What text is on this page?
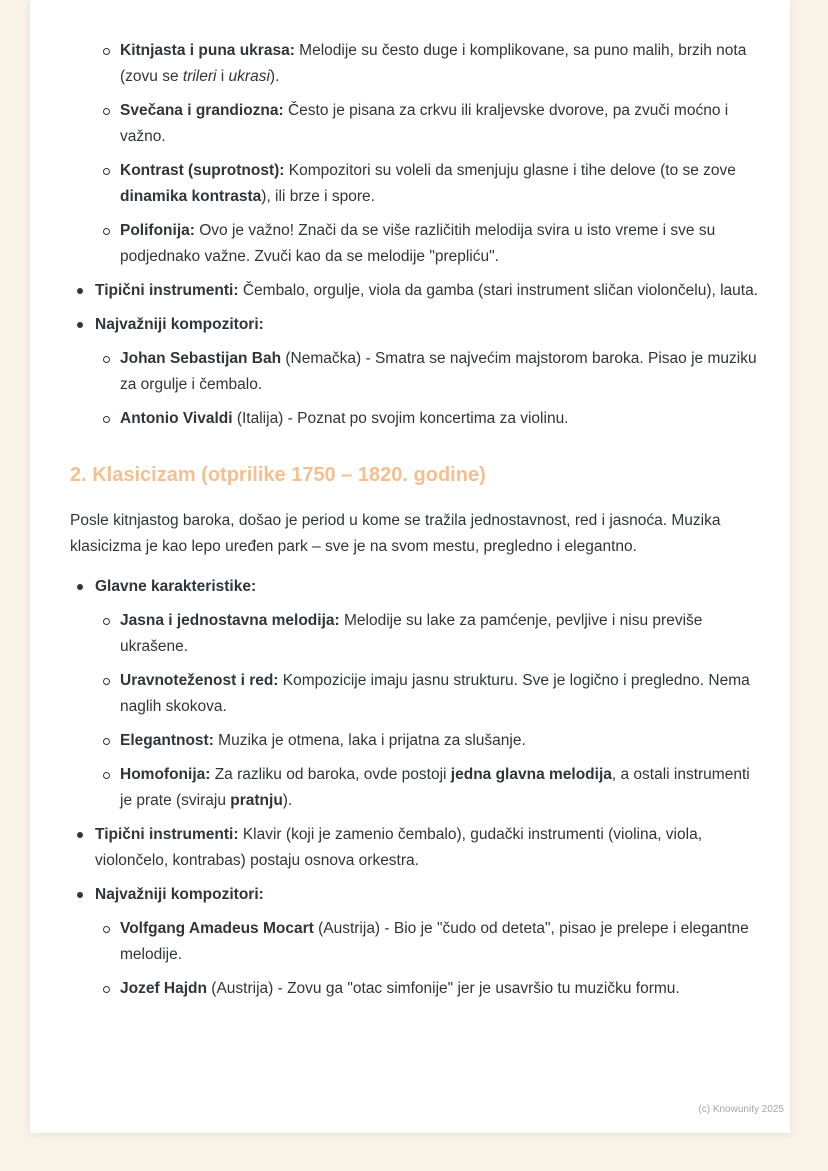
Kitnjasta i puna ukrasa: Melodije su često duge i komplikovane, sa puno malih, brzih nota (zovu se trileri i ukrasi).
Svečana i grandiozna: Često je pisana za crkvu ili kraljevske dvorove, pa zvuči moćno i važno.
Kontrast (suprotnost): Kompozitori su voleli da smenjuju glasne i tihe delove (to se zove dinamika kontrasta), ili brze i spore.
Polifonija: Ovo je važno! Znači da se više različitih melodija svira u isto vreme i sve su podjednako važne. Zvuči kao da se melodije "prepliću".
Tipični instrumenti: Čembalo, orgulje, viola da gamba (stari instrument sličan violončelu), lauta.
Najvažniji kompozitori:
Johan Sebastijan Bah (Nemačka) - Smatra se najvećim majstorom baroka. Pisao je muziku za orgulje i čembalo.
Antonio Vivaldi (Italija) - Poznat po svojim koncertima za violinu.
2. Klasicizam (otprilike 1750 – 1820. godine)

Posle kitnjastog baroka, došao je period u kome se tražila jednostavnost, red i jasnoća. Muzika klasicizma je kao lepo uređen park – sve je na svom mestu, pregledno i elegantno.

Glavne karakteristike:
Jasna i jednostavna melodija: Melodije su lake za pamćenje, pevljive i nisu previše ukrašene.
Uravnoteženost i red: Kompozicije imaju jasnu strukturu. Sve je logično i pregledno. Nema naglih skokova.
Elegantnost: Muzika je otmena, laka i prijatna za slušanje.
Homofonija: Za razliku od baroka, ovde postoji jedna glavna melodija, a ostali instrumenti je prate (sviraju pratnju).
Tipični instrumenti: Klavir (koji je zamenio čembalo), gudački instrumenti (violina, viola, violončelo, kontrabas) postaju osnova orkestra.
Najvažniji kompozitori:
Volfgang Amadeus Mocart (Austrija) - Bio je "čudo od deteta", pisao je prelepe i elegantne melodije.
Jozef Hajdn (Austrija) - Zovu ga "otac simfonije" jer je usavršio tu muzičku formu.
(c) Knowunity 2025
